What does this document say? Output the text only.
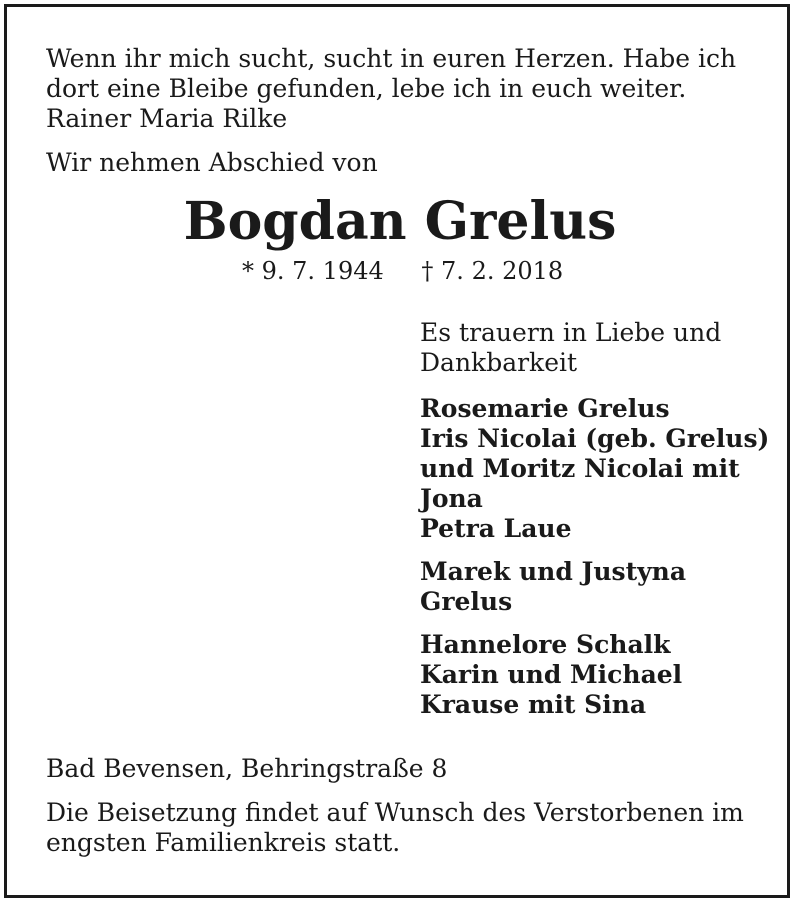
Wenn ihr mich sucht, sucht in euren Herzen. Habe ich
dort eine Bleibe gefunden, lebe ich in euch weiter.
Rainer Maria Rilke

Wir nehmen Abschied von

Bogdan Grelus
* 9. 7. 1944 † 7. 2. 2018
Es trauern in Liebe und
Dankbarkeit
Rosemarie Grelus
Iris Nicolai (geb. Grelus)
und Moritz Nicolai mit
Jona
Petra Laue
Marek und Justyna
Grelus
Hannelore Schalk
Karin und Michael
Krause mit Sina

Bad Bevensen, Behringstraße 8

Die Beisetzung findet auf Wunsch des Verstorbenen im
engsten Familienkreis statt.
